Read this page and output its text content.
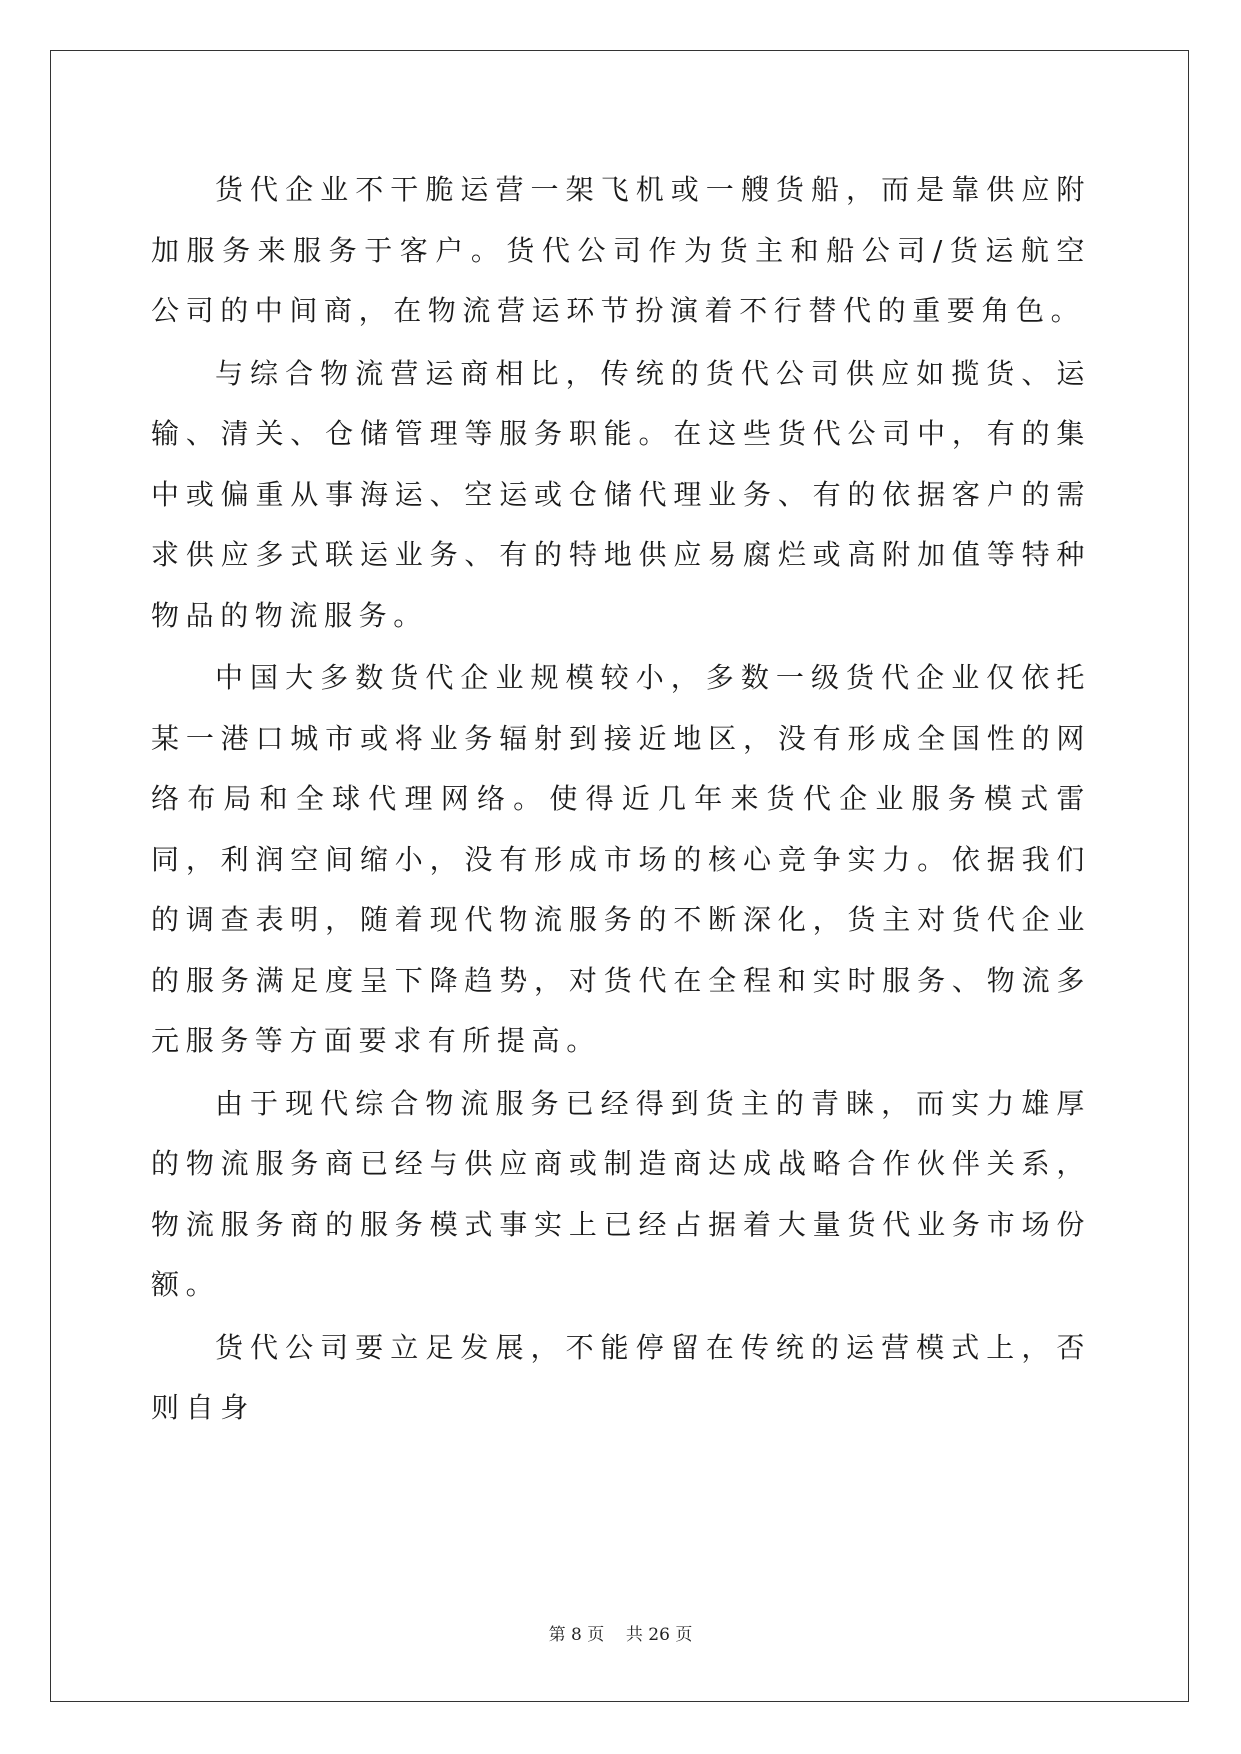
货代企业不干脆运营一架飞机或一艘货船，而是靠供应附加服务来服务于客户。货代公司作为货主和船公司/货运航空公司的中间商，在物流营运环节扮演着不行替代的重要角色。

与综合物流营运商相比，传统的货代公司供应如揽货、运输、清关、仓储管理等服务职能。在这些货代公司中，有的集中或偏重从事海运、空运或仓储代理业务、有的依据客户的需求供应多式联运业务、有的特地供应易腐烂或高附加值等特种物品的物流服务。

中国大多数货代企业规模较小，多数一级货代企业仅依托某一港口城市或将业务辐射到接近地区，没有形成全国性的网络布局和全球代理网络。使得近几年来货代企业服务模式雷同，利润空间缩小，没有形成市场的核心竞争实力。依据我们的调查表明，随着现代物流服务的不断深化，货主对货代企业的服务满足度呈下降趋势，对货代在全程和实时服务、物流多元服务等方面要求有所提高。

由于现代综合物流服务已经得到货主的青睐，而实力雄厚的物流服务商已经与供应商或制造商达成战略合作伙伴关系，物流服务商的服务模式事实上已经占据着大量货代业务市场份额。

货代公司要立足发展，不能停留在传统的运营模式上，否则自身

第 8 页 共 26 页
